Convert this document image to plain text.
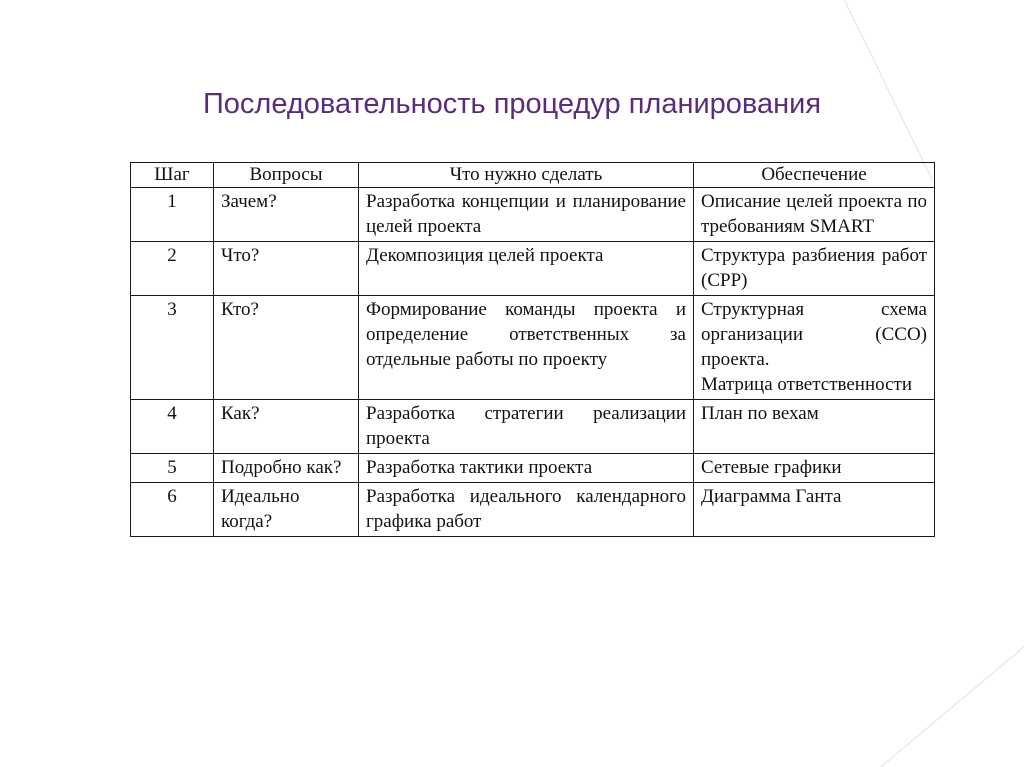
Последовательность процедур планирования
Шаг	Вопросы	Что нужно сделать	Обеспечение
1	Зачем?	Разработка концепции и планирование целей проекта	Описание целей проекта по требованиям SMART
2	Что?	Декомпозиция целей проекта	Структура разбиения работ (СРР)
3	Кто?	Формирование команды проекта и определение ответственных за отдельные работы по проекту	Структурная схема организации (ССО) проекта.
Матрица ответственности

4	Как?	Разработка стратегии реализации проекта	План по вехам
5	Подробно как?	Разработка тактики проекта	Сетевые графики
6	Идеально когда?	Разработка идеального календарного графика работ	Диаграмма Ганта
